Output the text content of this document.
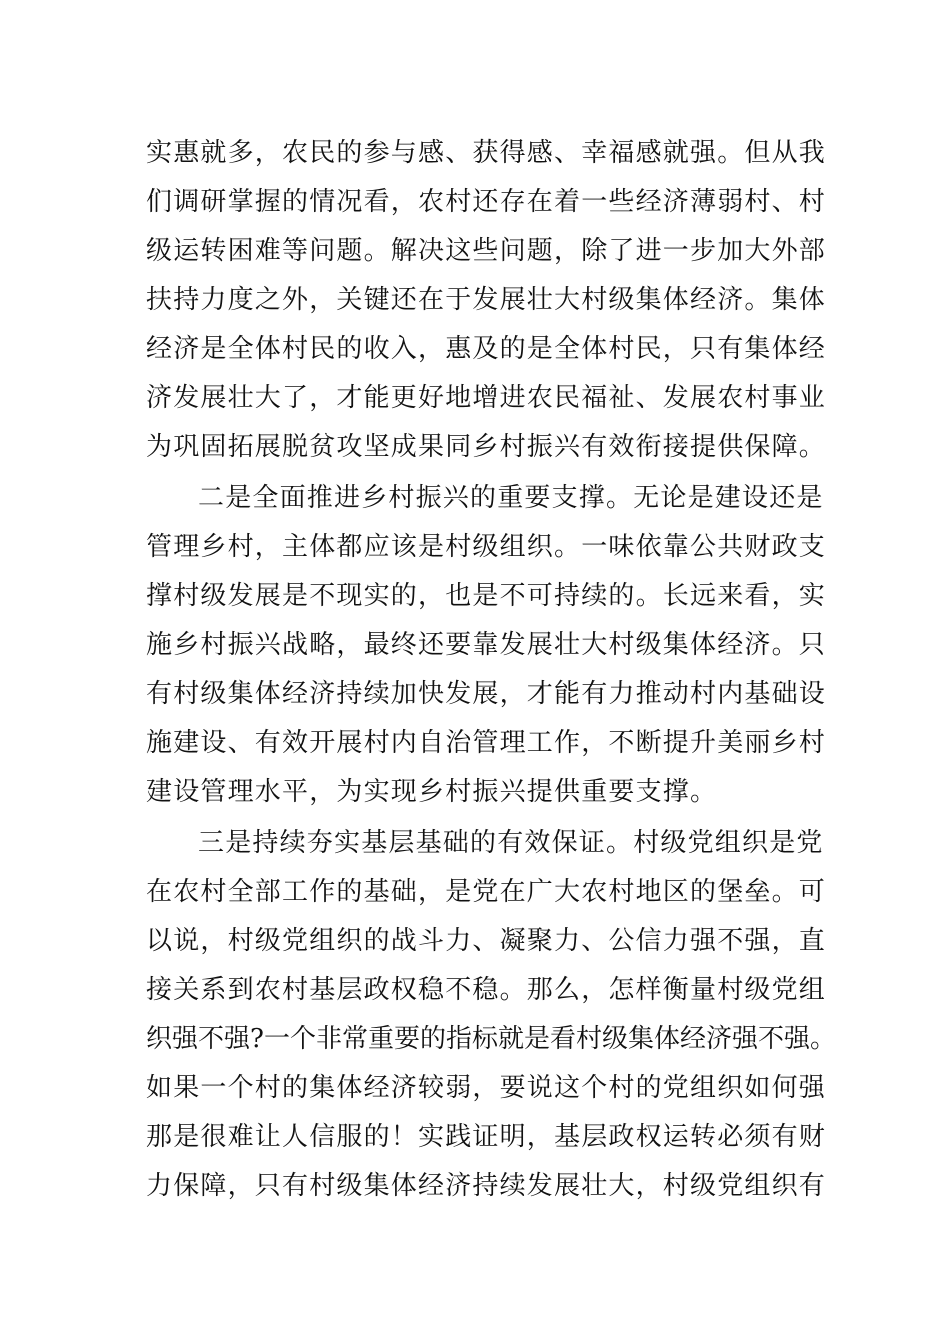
实惠就多，农民的参与感、获得感、幸福感就强。但从我
们调研掌握的情况看，农村还存在着一些经济薄弱村、村
级运转困难等问题。解决这些问题，除了进一步加大外部
扶持力度之外，关键还在于发展壮大村级集体经济。集体
经济是全体村民的收入，惠及的是全体村民，只有集体经
济发展壮大了，才能更好地增进农民福祉、发展农村事业
为巩固拓展脱贫攻坚成果同乡村振兴有效衔接提供保障。
二是全面推进乡村振兴的重要支撑。无论是建设还是
管理乡村，主体都应该是村级组织。一味依靠公共财政支
撑村级发展是不现实的，也是不可持续的。长远来看，实
施乡村振兴战略，最终还要靠发展壮大村级集体经济。只
有村级集体经济持续加快发展，才能有力推动村内基础设
施建设、有效开展村内自治管理工作，不断提升美丽乡村
建设管理水平，为实现乡村振兴提供重要支撑。
三是持续夯实基层基础的有效保证。村级党组织是党
在农村全部工作的基础，是党在广大农村地区的堡垒。可
以说，村级党组织的战斗力、凝聚力、公信力强不强，直
接关系到农村基层政权稳不稳。那么，怎样衡量村级党组
织强不强?一个非常重要的指标就是看村级集体经济强不强。
如果一个村的集体经济较弱，要说这个村的党组织如何强
那是很难让人信服的！实践证明，基层政权运转必须有财
力保障，只有村级集体经济持续发展壮大，村级党组织有
